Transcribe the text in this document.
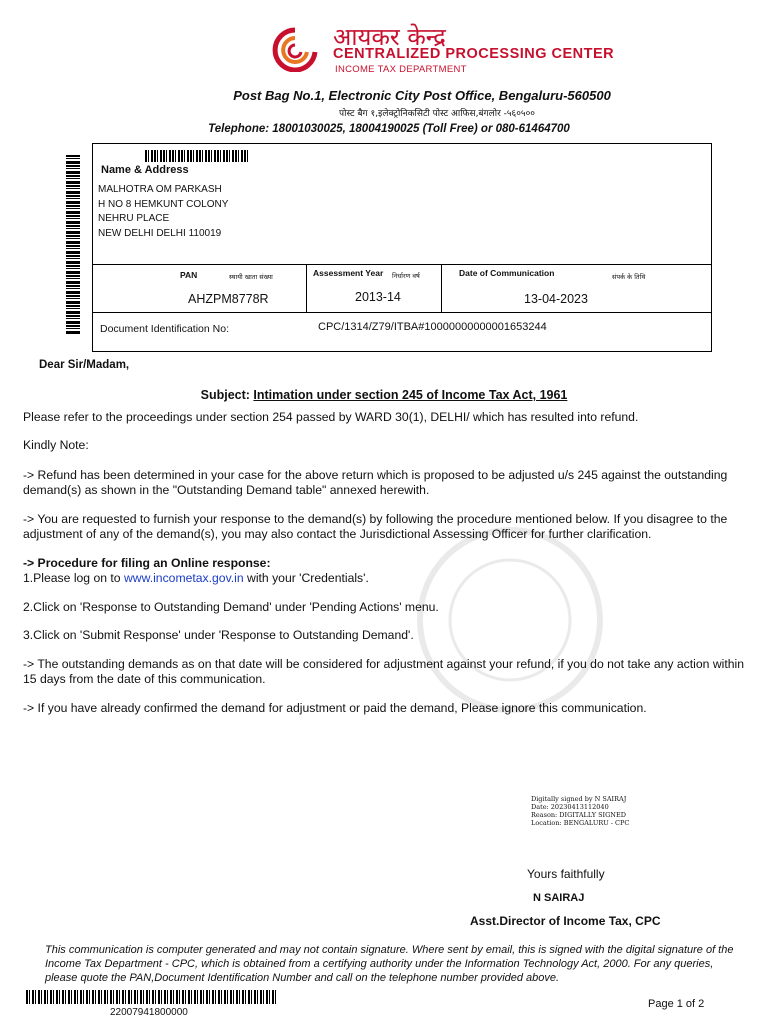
आयकर केन्द्र
CENTRALIZED PROCESSING CENTER
INCOME TAX DEPARTMENT
Post Bag No.1, Electronic City Post Office, Bengaluru-560500
पोस्ट बैग १,इलेक्ट्रोनिकसिटी पोस्ट आफिस,बंगलोर -५६०५००
Telephone: 18001030025, 18004190025 (Toll Free) or 080-61464700
Name & Address
MALHOTRA OM PARKASH
H NO 8 HEMKUNT COLONY
NEHRU PLACE
NEW DELHI DELHI 110019
PAN	स्थायी खाता संख्या
AHZPM8778R
Assessment Year निर्धारण वर्ष
2013-14
Date of Communication	संपर्क के तिथि
13-04-2023
Document Identification No:	CPC/1314/Z79/ITBA#10000000000001653244
Dear Sir/Madam,
Subject: Intimation under section 245 of Income Tax Act, 1961
Please refer to the proceedings under section 254 passed by WARD 30(1), DELHI/ which has resulted into refund.
Kindly Note:
-> Refund has been determined in your case for the above return which is proposed to be adjusted u/s 245 against the outstanding demand(s) as shown in the "Outstanding Demand table" annexed herewith.
-> You are requested to furnish your response to the demand(s) by following the procedure mentioned below. If you disagree to the adjustment of any of the demand(s), you may also contact the Jurisdictional Assessing Officer for further clarification.
-> Procedure for filing an Online response:
1.Please log on to www.incometax.gov.in with your 'Credentials'.
2.Click on 'Response to Outstanding Demand' under 'Pending Actions' menu.
3.Click on 'Submit Response' under 'Response to Outstanding Demand'.
-> The outstanding demands as on that date will be considered for adjustment against your refund, if you do not take any action within 15 days from the date of this communication.
-> If you have already confirmed the demand for adjustment or paid the demand, Please ignore this communication.
Digitally signed by N SAIRAJ
Date: 20230413112040
Reason: DIGITALLY SIGNED
Location: BENGALURU - CPC
Yours faithfully
N SAIRAJ
Asst.Director of Income Tax, CPC
This communication is computer generated and may not contain signature. Where sent by email, this is signed with the digital signature of the Income Tax Department - CPC, which is obtained from a certifying authority under the Information Technology Act, 2000. For any queries, please quote the PAN,Document Identification Number and call on the telephone number provided above.
22007941800000
Page 1 of 2
